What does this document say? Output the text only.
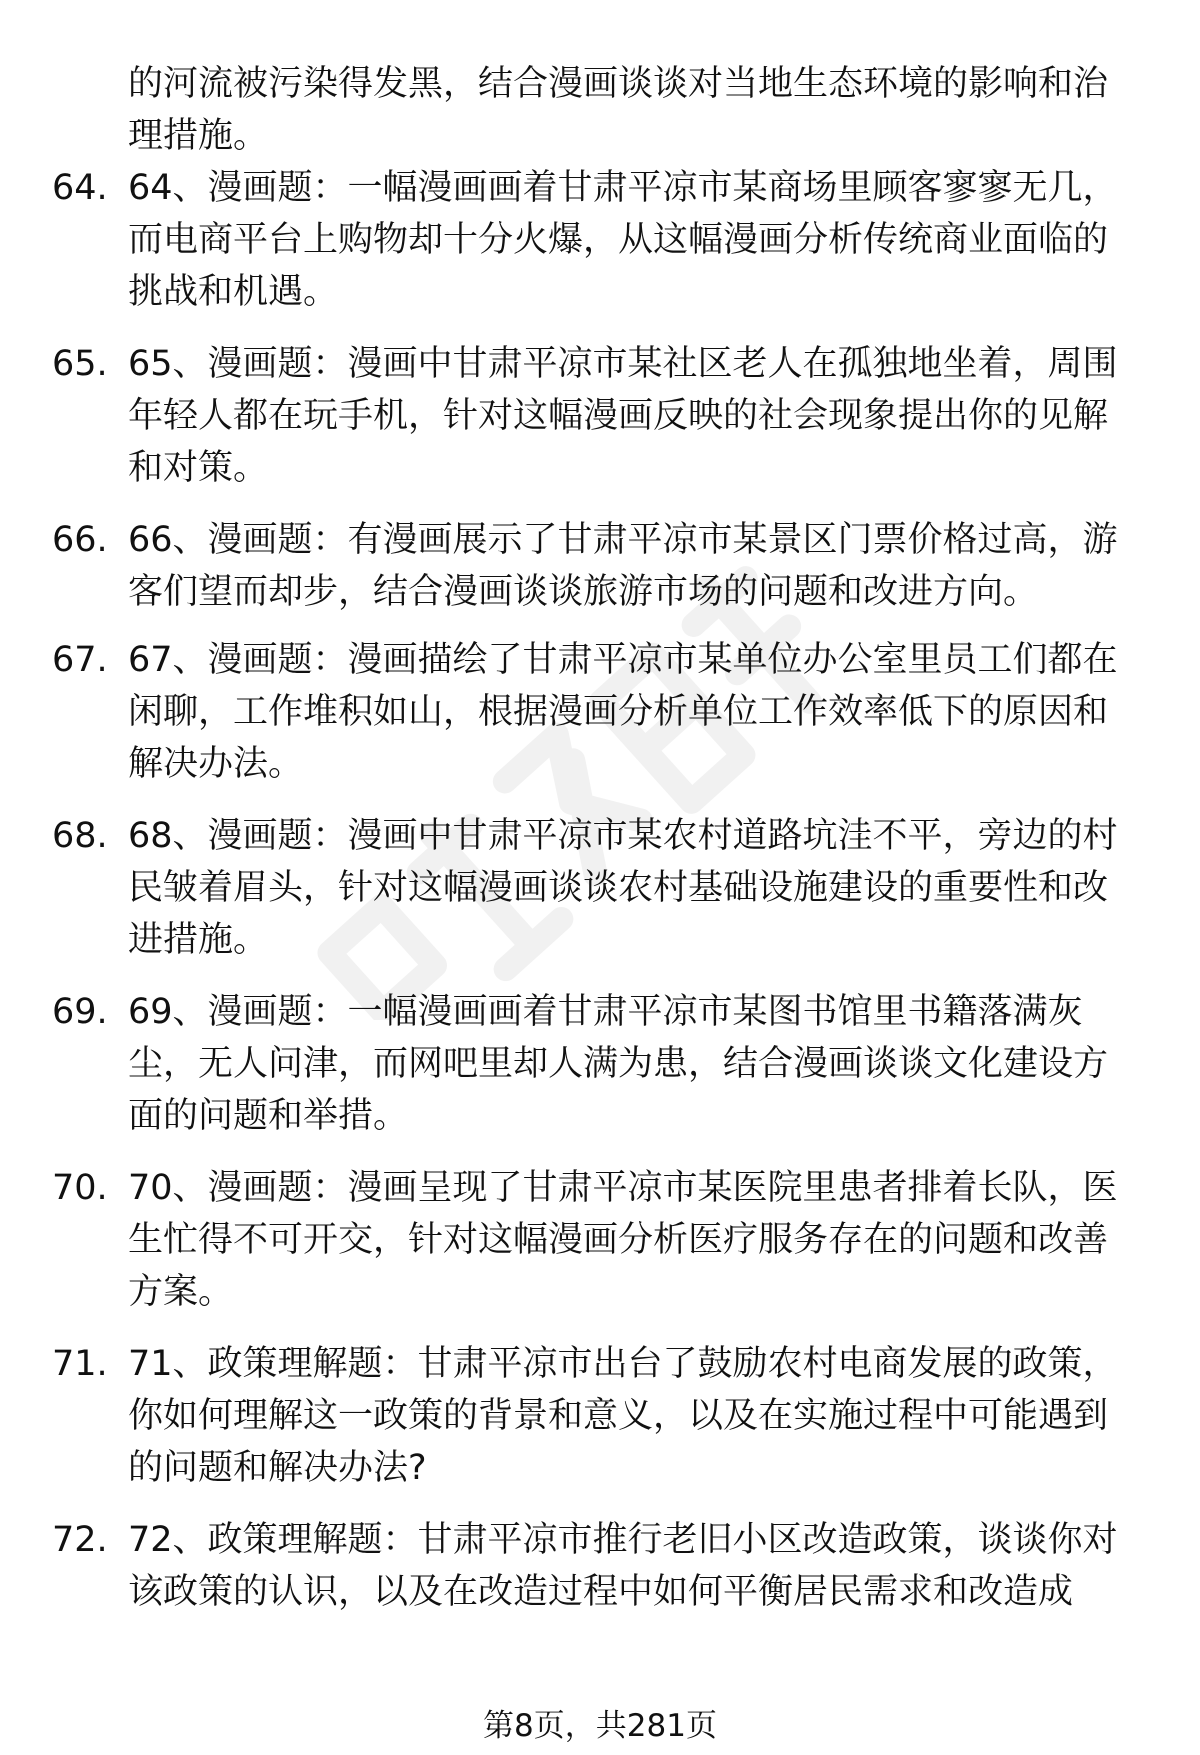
的河流被污染得发黑，结合漫画谈谈对当地生态环境的影响和治理措施。
64. 64、漫画题：一幅漫画画着甘肃平凉市某商场里顾客寥寥无几，而电商平台上购物却十分火爆，从这幅漫画分析传统商业面临的挑战和机遇。
65. 65、漫画题：漫画中甘肃平凉市某社区老人在孤独地坐着，周围年轻人都在玩手机，针对这幅漫画反映的社会现象提出你的见解和对策。
66. 66、漫画题：有漫画展示了甘肃平凉市某景区门票价格过高，游客们望而却步，结合漫画谈谈旅游市场的问题和改进方向。
67. 67、漫画题：漫画描绘了甘肃平凉市某单位办公室里员工们都在闲聊，工作堆积如山，根据漫画分析单位工作效率低下的原因和解决办法。
68. 68、漫画题：漫画中甘肃平凉市某农村道路坑洼不平，旁边的村民皱着眉头，针对这幅漫画谈谈农村基础设施建设的重要性和改进措施。
69. 69、漫画题：一幅漫画画着甘肃平凉市某图书馆里书籍落满灰尘，无人问津，而网吧里却人满为患，结合漫画谈谈文化建设方面的问题和举措。
70. 70、漫画题：漫画呈现了甘肃平凉市某医院里患者排着长队，医生忙得不可开交，针对这幅漫画分析医疗服务存在的问题和改善方案。
71. 71、政策理解题：甘肃平凉市出台了鼓励农村电商发展的政策，你如何理解这一政策的背景和意义，以及在实施过程中可能遇到的问题和解决办法?
72. 72、政策理解题：甘肃平凉市推行老旧小区改造政策，谈谈你对该政策的认识，以及在改造过程中如何平衡居民需求和改造成
第8页，共281页
